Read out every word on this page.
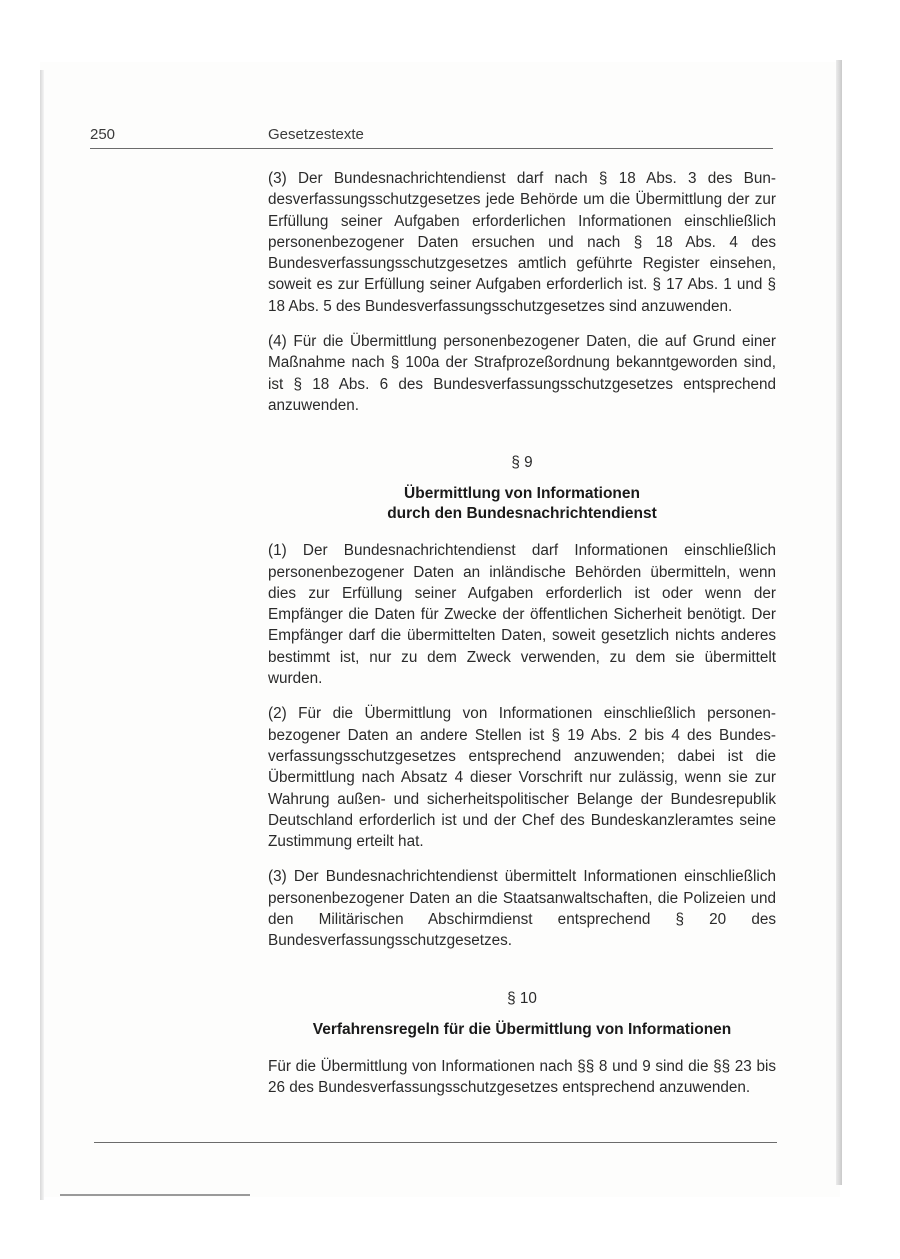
250	Gesetzestexte

(3) Der Bundesnachrichtendienst darf nach § 18 Abs. 3 des Bundesverfassungsschutzgesetzes jede Behörde um die Übermittlung der zur Erfüllung seiner Aufgaben erforderlichen Informationen einschließlich personenbezogener Daten ersuchen und nach § 18 Abs. 4 des Bundesverfassungsschutzgesetzes amtlich geführte Register einsehen, soweit es zur Erfüllung seiner Aufgaben erforderlich ist. § 17 Abs. 1 und § 18 Abs. 5 des Bundesverfassungsschutzgesetzes sind anzuwenden.

(4) Für die Übermittlung personenbezogener Daten, die auf Grund einer Maßnahme nach § 100a der Strafprozeßordnung bekanntgeworden sind, ist § 18 Abs. 6 des Bundesverfassungsschutzgesetzes entsprechend anzuwenden.

§ 9
Übermittlung von Informationen
durch den Bundesnachrichtendienst

(1) Der Bundesnachrichtendienst darf Informationen einschließlich personenbezogener Daten an inländische Behörden übermitteln, wenn dies zur Erfüllung seiner Aufgaben erforderlich ist oder wenn der Empfänger die Daten für Zwecke der öffentlichen Sicherheit benötigt. Der Empfänger darf die übermittelten Daten, soweit gesetzlich nichts anderes bestimmt ist, nur zu dem Zweck verwenden, zu dem sie übermittelt wurden.

(2) Für die Übermittlung von Informationen einschließlich personenbezogener Daten an andere Stellen ist § 19 Abs. 2 bis 4 des Bundesverfassungsschutzgesetzes entsprechend anzuwenden; dabei ist die Übermittlung nach Absatz 4 dieser Vorschrift nur zulässig, wenn sie zur Wahrung außen- und sicherheitspolitischer Belange der Bundesrepublik Deutschland erforderlich ist und der Chef des Bundeskanzleramtes seine Zustimmung erteilt hat.

(3) Der Bundesnachrichtendienst übermittelt Informationen einschließlich personenbezogener Daten an die Staatsanwaltschaften, die Polizeien und den Militärischen Abschirmdienst entsprechend § 20 des Bundesverfassungsschutzgesetzes.

§ 10
Verfahrensregeln für die Übermittlung von Informationen

Für die Übermittlung von Informationen nach §§ 8 und 9 sind die §§ 23 bis 26 des Bundesverfassungsschutzgesetzes entsprechend anzuwenden.
